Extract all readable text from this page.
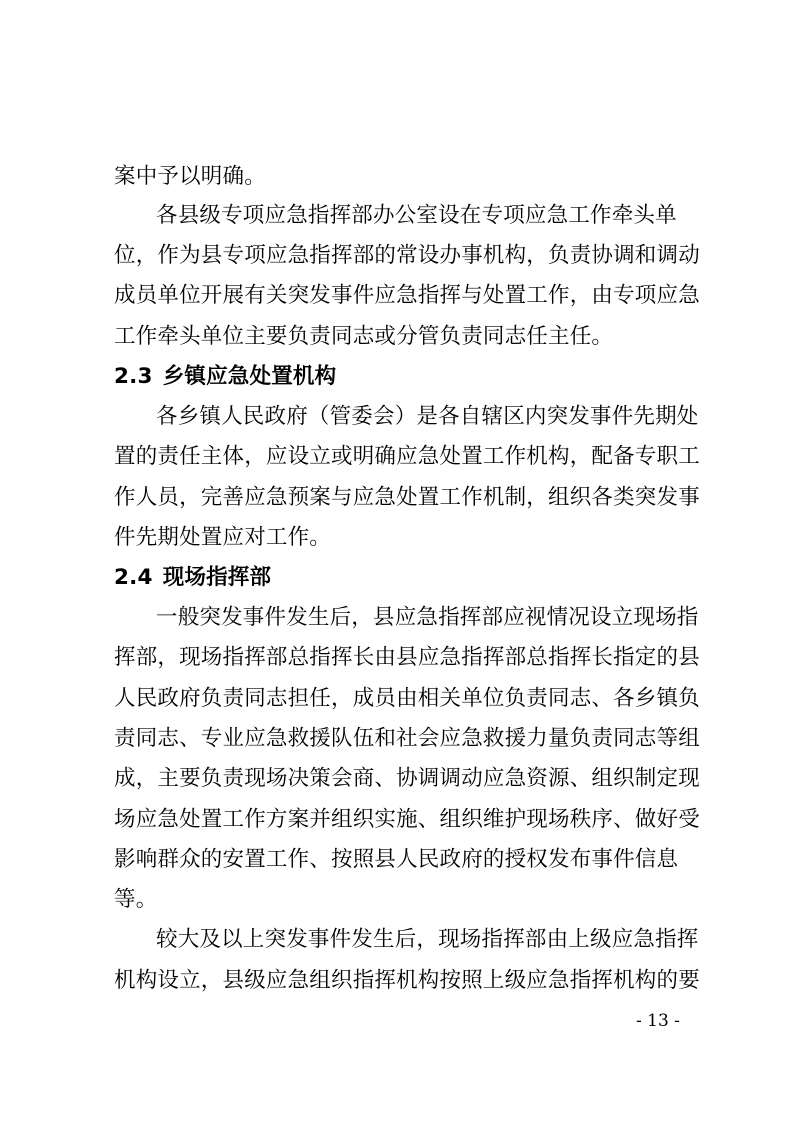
案中予以明确。
各县级专项应急指挥部办公室设在专项应急工作牵头单
位，作为县专项应急指挥部的常设办事机构，负责协调和调动
成员单位开展有关突发事件应急指挥与处置工作，由专项应急
工作牵头单位主要负责同志或分管负责同志任主任。
2.3 乡镇应急处置机构
各乡镇人民政府（管委会）是各自辖区内突发事件先期处
置的责任主体，应设立或明确应急处置工作机构，配备专职工
作人员，完善应急预案与应急处置工作机制，组织各类突发事
件先期处置应对工作。
2.4 现场指挥部
一般突发事件发生后，县应急指挥部应视情况设立现场指
挥部，现场指挥部总指挥长由县应急指挥部总指挥长指定的县
人民政府负责同志担任，成员由相关单位负责同志、各乡镇负
责同志、专业应急救援队伍和社会应急救援力量负责同志等组
成，主要负责现场决策会商、协调调动应急资源、组织制定现
场应急处置工作方案并组织实施、组织维护现场秩序、做好受
影响群众的安置工作、按照县人民政府的授权发布事件信息
等。
较大及以上突发事件发生后，现场指挥部由上级应急指挥
机构设立，县级应急组织指挥机构按照上级应急指挥机构的要
- 13 -
